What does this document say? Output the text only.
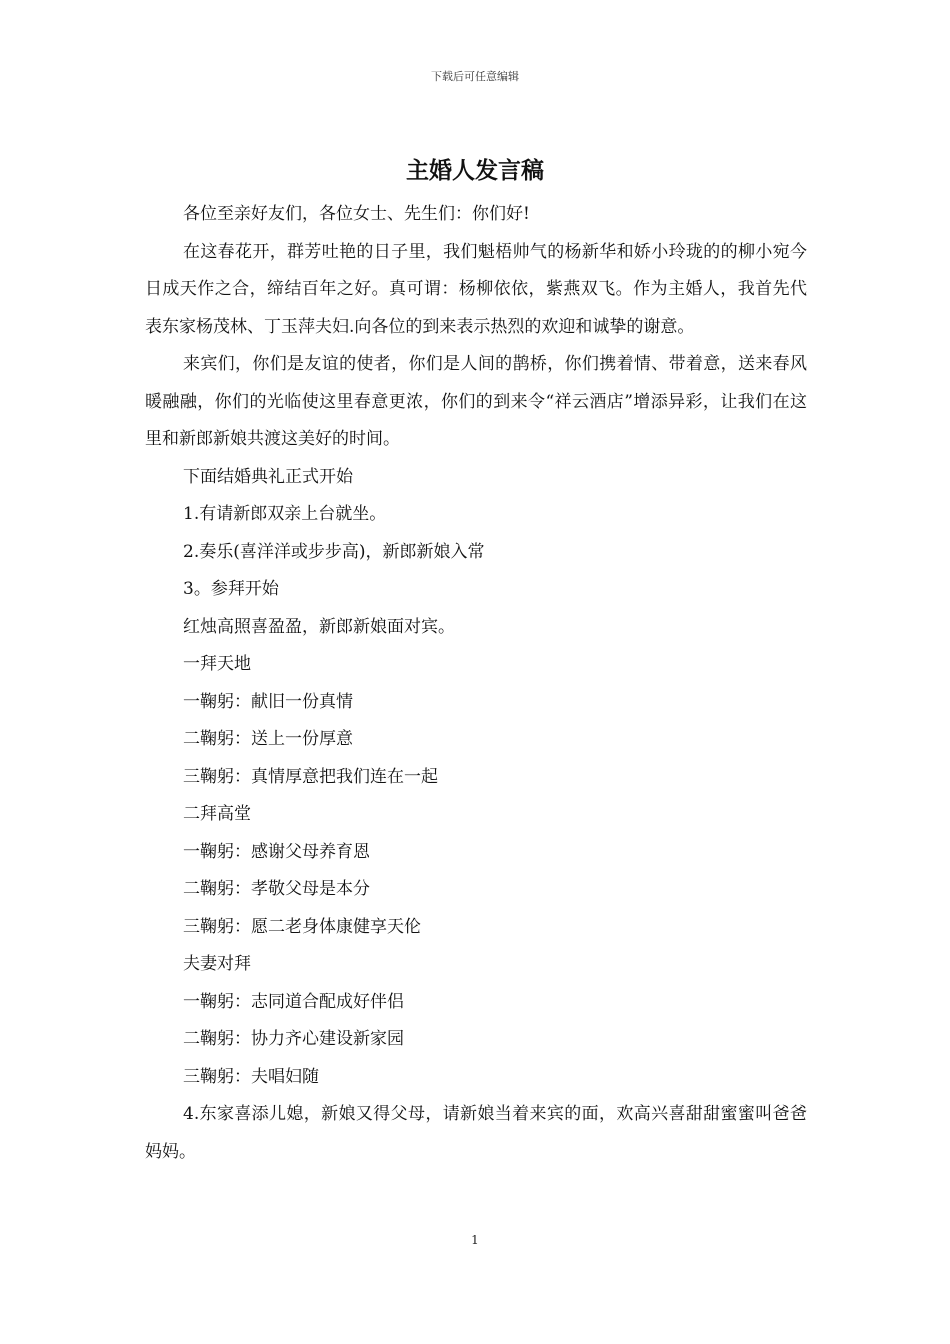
下载后可任意编辑
主婚人发言稿

各位至亲好友们，各位女士、先生们：你们好!

在这春花开，群芳吐艳的日子里，我们魁梧帅气的杨新华和娇小玲珑的的柳小宛今日成天作之合，缔结百年之好。真可谓：杨柳依依，紫燕双飞。作为主婚人，我首先代表东家杨茂林、丁玉萍夫妇.向各位的到来表示热烈的欢迎和诚挚的谢意。

来宾们，你们是友谊的使者，你们是人间的鹊桥，你们携着情、带着意，送来春风暖融融，你们的光临使这里春意更浓，你们的到来令“祥云酒店”增添异彩，让我们在这里和新郎新娘共渡这美好的时间。

下面结婚典礼正式开始

1.有请新郎双亲上台就坐。

2.奏乐(喜洋洋或步步高)，新郎新娘入常

3。参拜开始

红烛高照喜盈盈，新郎新娘面对宾。

一拜天地

一鞠躬：献旧一份真情

二鞠躬：送上一份厚意

三鞠躬：真情厚意把我们连在一起

二拜高堂

一鞠躬：感谢父母养育恩

二鞠躬：孝敬父母是本分

三鞠躬：愿二老身体康健享天伦

夫妻对拜

一鞠躬：志同道合配成好伴侣

二鞠躬：协力齐心建设新家园

三鞠躬：夫唱妇随

4.东家喜添儿媳，新娘又得父母，请新娘当着来宾的面，欢高兴喜甜甜蜜蜜叫爸爸妈妈。

1
